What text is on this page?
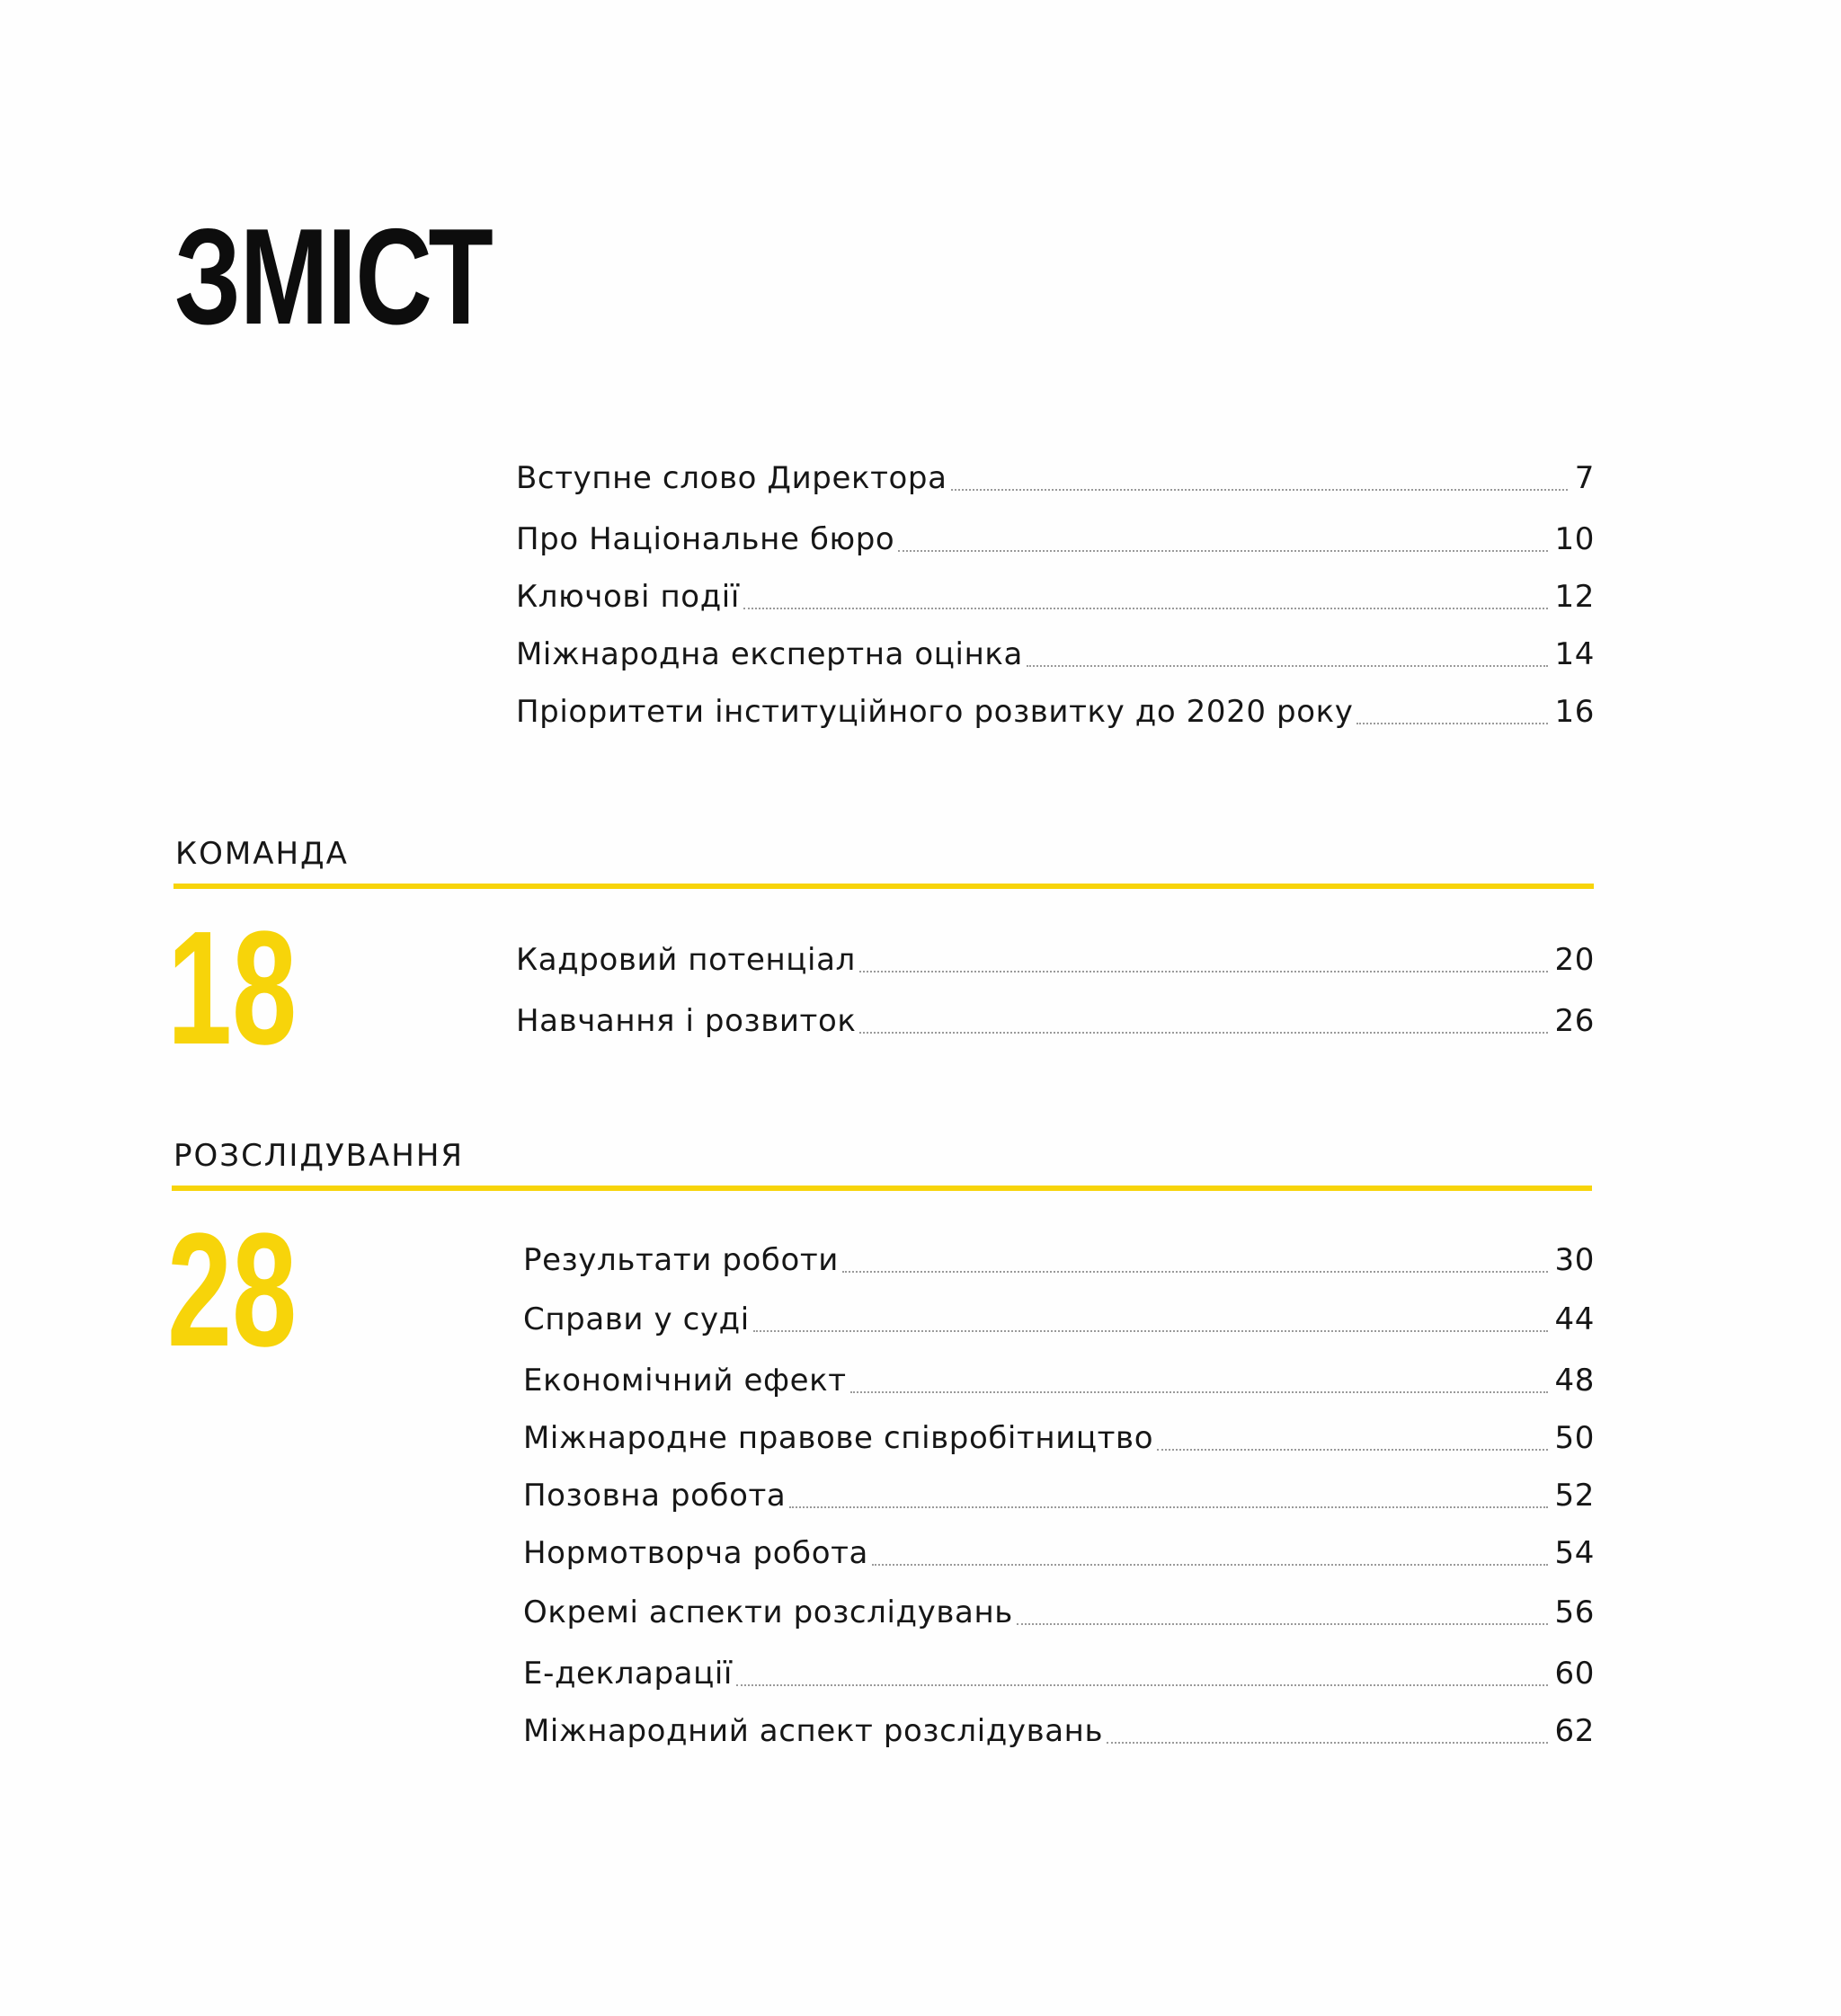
ЗМІСТ
Вступне слово Директора	7
Про Національне бюро	10
Ключові події	12
Міжнародна експертна оцінка	14
Пріоритети інституційного розвитку до 2020 року	16
КОМАНДА
18	Кадровий потенціал	20
Навчання і розвиток	26
РОЗСЛІДУВАННЯ
28	Результати роботи	30
Справи у суді	44
Економічний ефект	48
Міжнародне правове співробітництво	50
Позовна робота	52
Нормотворча робота	54
Окремі аспекти розслідувань	56
Е-декларації	60
Міжнародний аспект розслідувань	62
